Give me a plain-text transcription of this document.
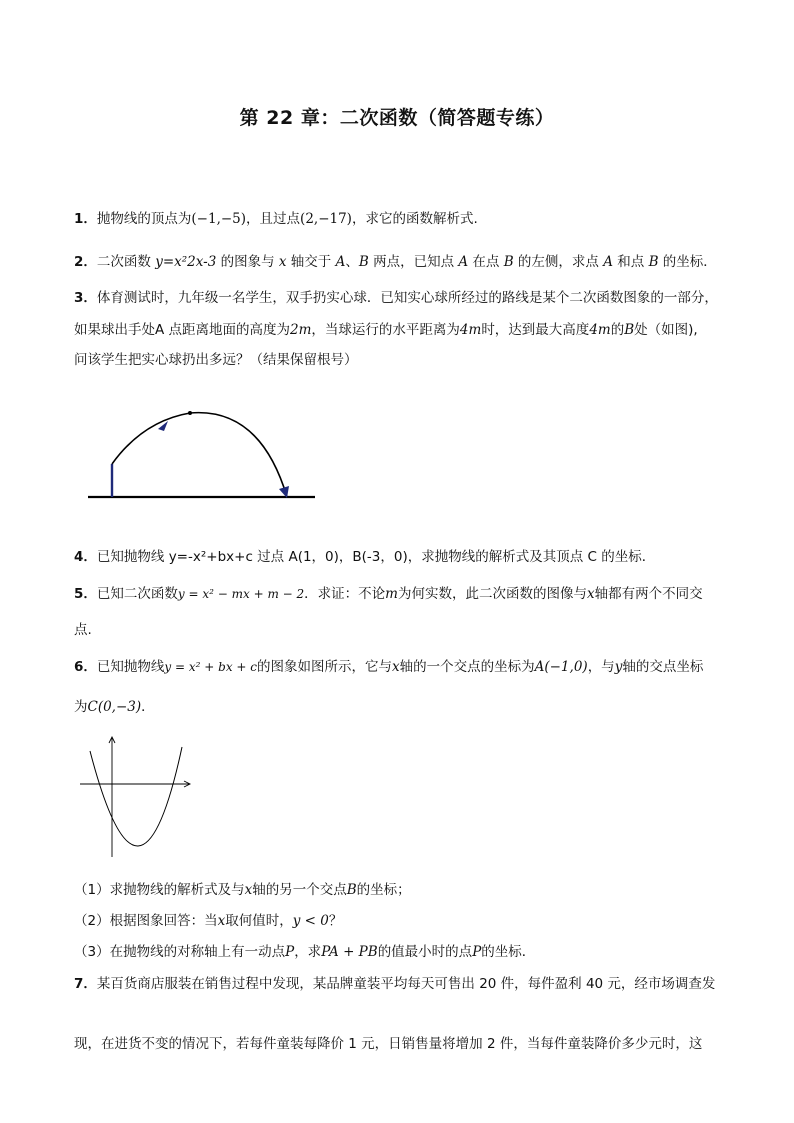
第 22 章：二次函数（简答题专练）
1．抛物线的顶点为(−1,−5)，且过点(2,−17)，求它的函数解析式.
2．二次函数 y=x²2x-3 的图象与 x 轴交于 A、B 两点，已知点 A 在点 B 的左侧，求点 A 和点 B 的坐标．
3．体育测试时，九年级一名学生，双手扔实心球．已知实心球所经过的路线是某个二次函数图象的一部分，
如果球出手处A 点距离地面的高度为2m，当球运行的水平距离为4m时，达到最大高度4m的B处（如图),
问该学生把实心球扔出多远？（结果保留根号）
4．已知抛物线 y=-x²+bx+c 过点 A(1，0)，B(-3，0)，求抛物线的解析式及其顶点 C 的坐标．
5．已知二次函数y = x² − mx + m − 2．求证：不论m为何实数，此二次函数的图像与x轴都有两个不同交
点.
6．已知抛物线y = x² + bx + c的图象如图所示，它与x轴的一个交点的坐标为A(−1,0)，与y轴的交点坐标
为C(0,−3)．
（1）求抛物线的解析式及与x轴的另一个交点B的坐标；
（2）根据图象回答：当x取何值时，y < 0？
（3）在抛物线的对称轴上有一动点P，求PA + PB的值最小时的点P的坐标．
7．某百货商店服装在销售过程中发现，某品牌童装平均每天可售出 20 件，每件盈利 40 元，经市场调查发
现，在进货不变的情况下，若每件童装每降价 1 元，日销售量将增加 2 件，当每件童装降价多少元时，这
